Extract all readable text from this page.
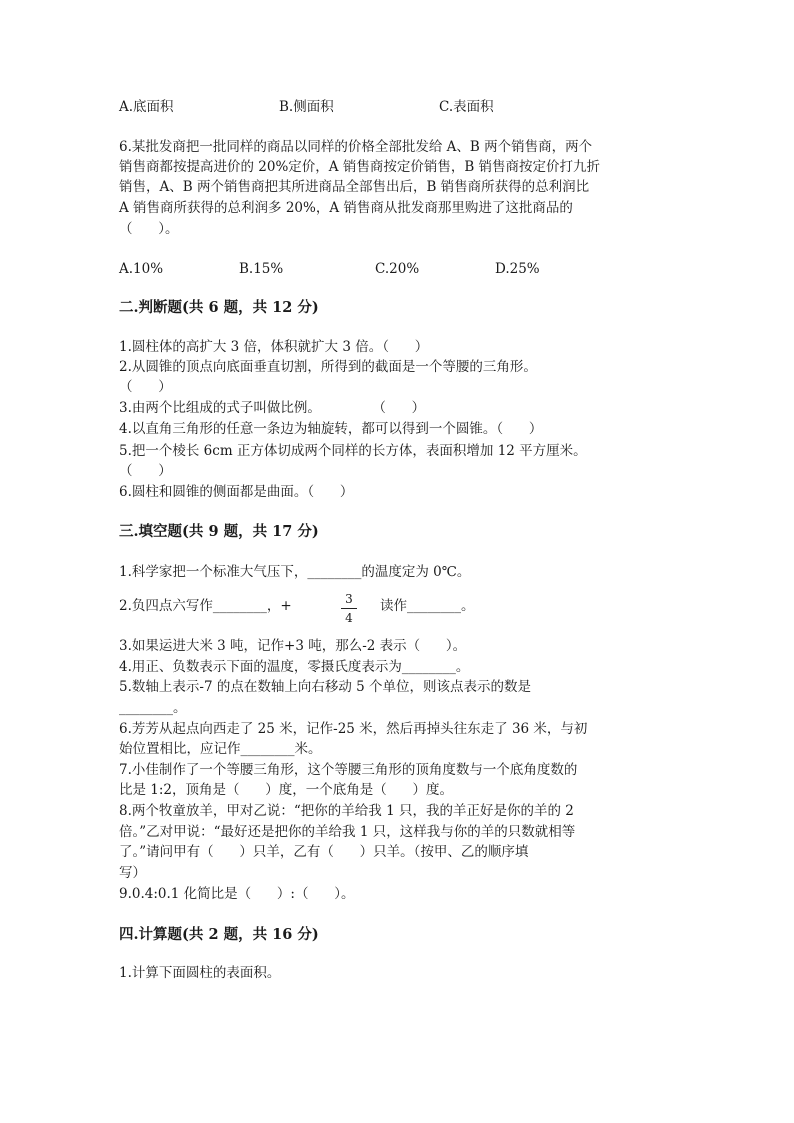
A.底面积	B.侧面积	C.表面积
6.某批发商把一批同样的商品以同样的价格全部批发给 A、B 两个销售商，两个
销售商都按提高进价的 20%定价，A 销售商按定价销售，B 销售商按定价打九折
销售，A、B 两个销售商把其所进商品全部售出后，B 销售商所获得的总利润比
A 销售商所获得的总利润多 20%，A 销售商从批发商那里购进了这批商品的
（      ）。
A.10%	B.15%	C.20%	D.25%
二.判断题(共 6 题，共 12 分)
1.圆柱体的高扩大 3 倍，体积就扩大 3 倍。（      ）
2.从圆锥的顶点向底面垂直切割，所得到的截面是一个等腰的三角形。
（      ）
3.由两个比组成的式子叫做比例。            （      ）
4.以直角三角形的任意一条边为轴旋转，都可以得到一个圆锥。（      ）
5.把一个棱长 6cm 正方体切成两个同样的长方体，表面积增加 12 平方厘米。
（      ）
6.圆柱和圆锥的侧面都是曲面。（      ）
三.填空题(共 9 题，共 17 分)
1.科学家把一个标准大气压下，________的温度定为 0℃。
2.负四点六写作________，+	3
4
读作________。
3.如果运进大米 3 吨，记作+3 吨，那么-2 表示（      ）。
4.用正、负数表示下面的温度，零摄氏度表示为________。
5.数轴上表示-7 的点在数轴上向右移动 5 个单位，则该点表示的数是
________。
6.芳芳从起点向西走了 25 米，记作-25 米，然后再掉头往东走了 36 米，与初
始位置相比，应记作________米。
7.小佳制作了一个等腰三角形，这个等腰三角形的顶角度数与一个底角度数的
比是 1:2，顶角是（      ）度，一个底角是（      ）度。
8.两个牧童放羊，甲对乙说：“把你的羊给我 1 只，我的羊正好是你的羊的 2
倍。”乙对甲说：“最好还是把你的羊给我 1 只，这样我与你的羊的只数就相等
了。”请问甲有（      ）只羊，乙有（      ）只羊。（按甲、乙的顺序填
写）
9.0.4:0.1 化简比是（      ）:（      ）。
四.计算题(共 2 题，共 16 分)
1.计算下面圆柱的表面积。
